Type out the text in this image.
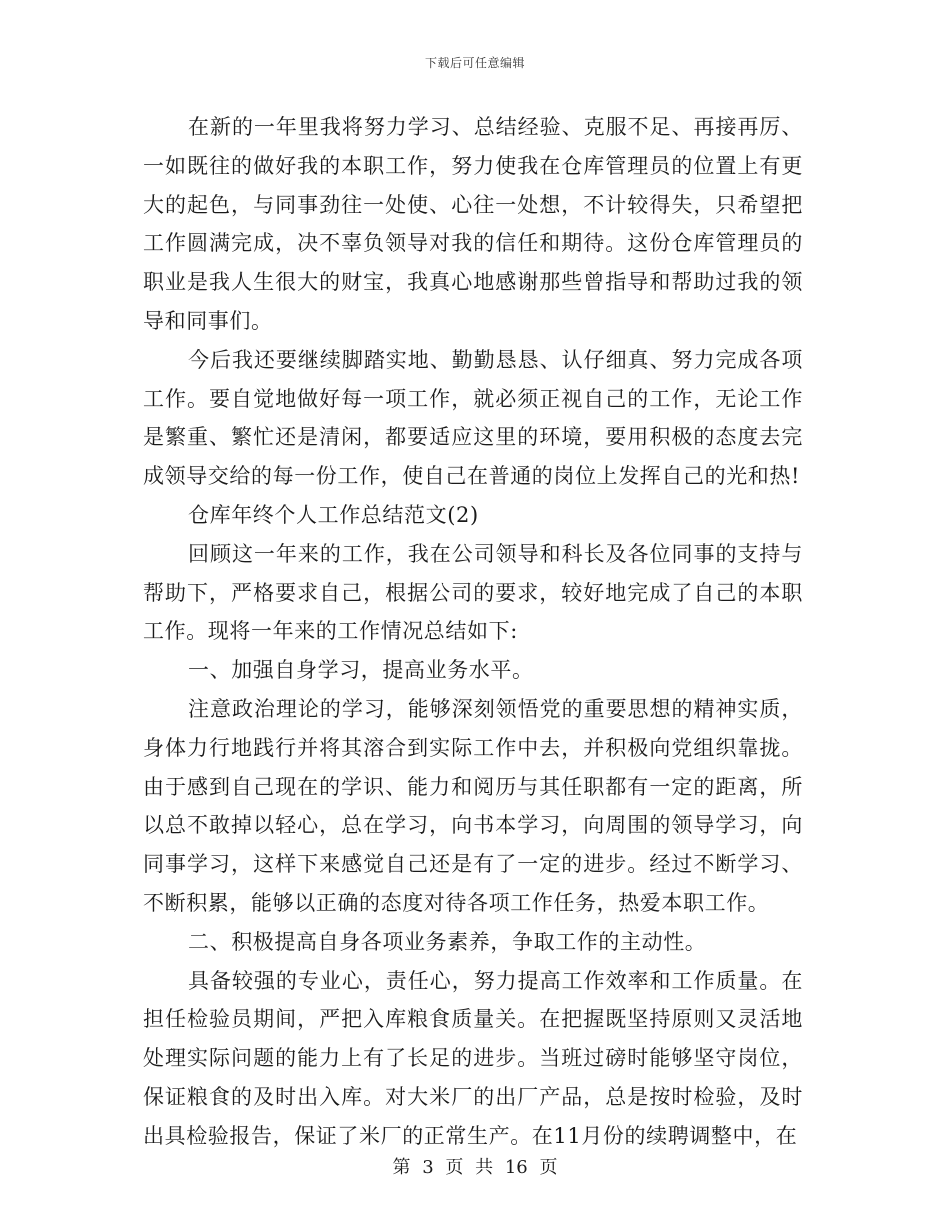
下载后可任意编辑

在新的一年里我将努力学习、总结经验、克服不足、再接再厉、一如既往的做好我的本职工作，努力使我在仓库管理员的位置上有更大的起色，与同事劲往一处使、心往一处想，不计较得失，只希望把工作圆满完成，决不辜负领导对我的信任和期待。这份仓库管理员的职业是我人生很大的财宝，我真心地感谢那些曾指导和帮助过我的领导和同事们。

今后我还要继续脚踏实地、勤勤恳恳、认仔细真、努力完成各项工作。要自觉地做好每一项工作，就必须正视自己的工作，无论工作是繁重、繁忙还是清闲，都要适应这里的环境，要用积极的态度去完成领导交给的每一份工作，使自己在普通的岗位上发挥自己的光和热!

仓库年终个人工作总结范文(2)

回顾这一年来的工作，我在公司领导和科长及各位同事的支持与帮助下，严格要求自己，根据公司的要求，较好地完成了自己的本职工作。现将一年来的工作情况总结如下:

一、加强自身学习，提高业务水平。

注意政治理论的学习，能够深刻领悟党的重要思想的精神实质，身体力行地践行并将其溶合到实际工作中去，并积极向党组织靠拢。由于感到自己现在的学识、能力和阅历与其任职都有一定的距离，所以总不敢掉以轻心，总在学习，向书本学习，向周围的领导学习，向同事学习，这样下来感觉自己还是有了一定的进步。经过不断学习、不断积累，能够以正确的态度对待各项工作任务，热爱本职工作。

二、积极提高自身各项业务素养，争取工作的主动性。

具备较强的专业心，责任心，努力提高工作效率和工作质量。在担任检验员期间，严把入库粮食质量关。在把握既坚持原则又灵活地处理实际问题的能力上有了长足的进步。当班过磅时能够坚守岗位，保证粮食的及时出入库。对大米厂的出厂产品，总是按时检验，及时出具检验报告，保证了米厂的正常生产。在11月份的续聘调整中，在

第 3 页 共 16 页
